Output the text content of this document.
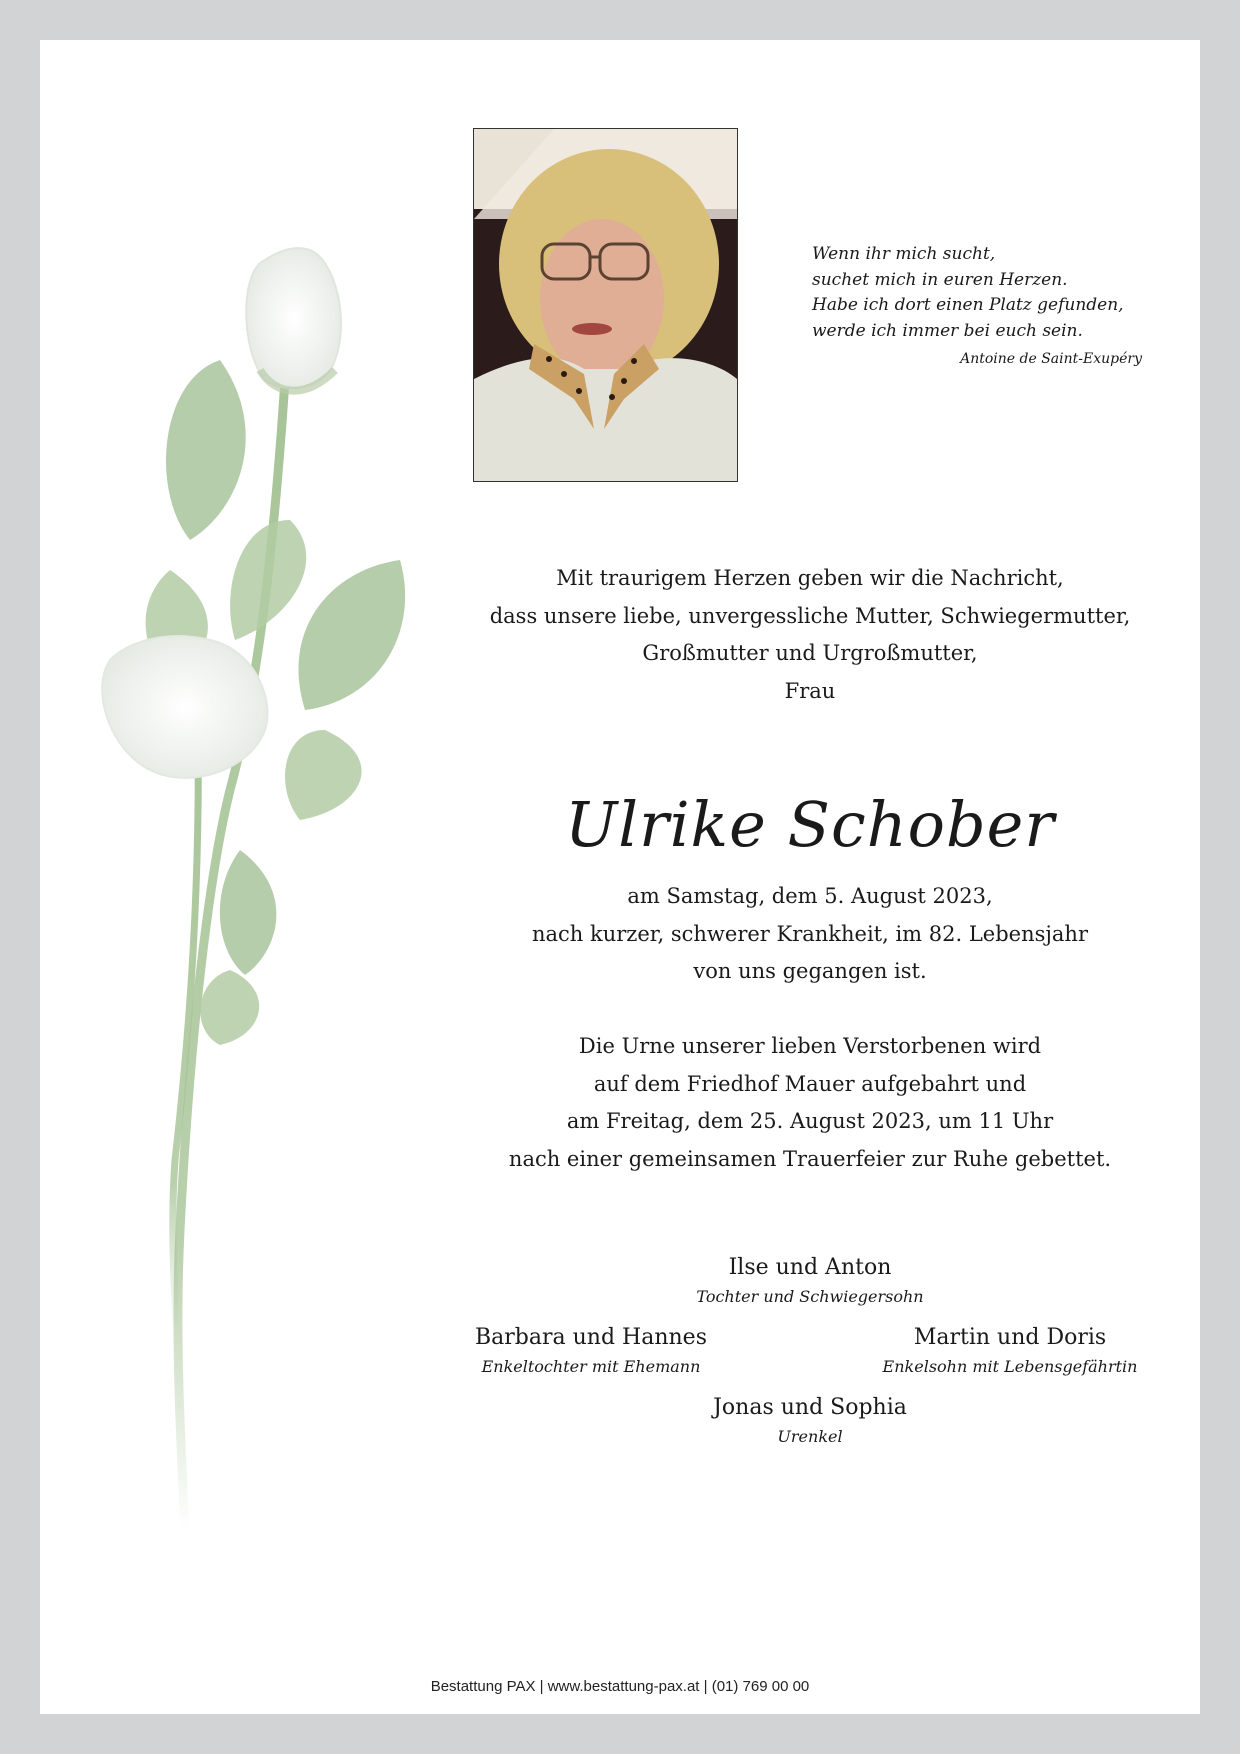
Wenn ihr mich sucht,
suchet mich in euren Herzen.
Habe ich dort einen Platz gefunden,
werde ich immer bei euch sein.
Antoine de Saint-Exupéry
Mit traurigem Herzen geben wir die Nachricht,
dass unsere liebe, unvergessliche Mutter, Schwiegermutter,
Großmutter und Urgroßmutter,
Frau
Ulrike Schober
am Samstag, dem 5. August 2023,
nach kurzer, schwerer Krankheit, im 82. Lebensjahr
von uns gegangen ist.
Die Urne unserer lieben Verstorbenen wird
auf dem Friedhof Mauer aufgebahrt und
am Freitag, dem 25. August 2023, um 11 Uhr
nach einer gemeinsamen Trauerfeier zur Ruhe gebettet.
Ilse und Anton
Tochter und Schwiegersohn
Barbara und Hannes
Enkeltochter mit Ehemann
Martin und Doris
Enkelsohn mit Lebensgefährtin
Jonas und Sophia
Urenkel
Bestattung PAX | www.bestattung-pax.at | (01) 769 00 00
